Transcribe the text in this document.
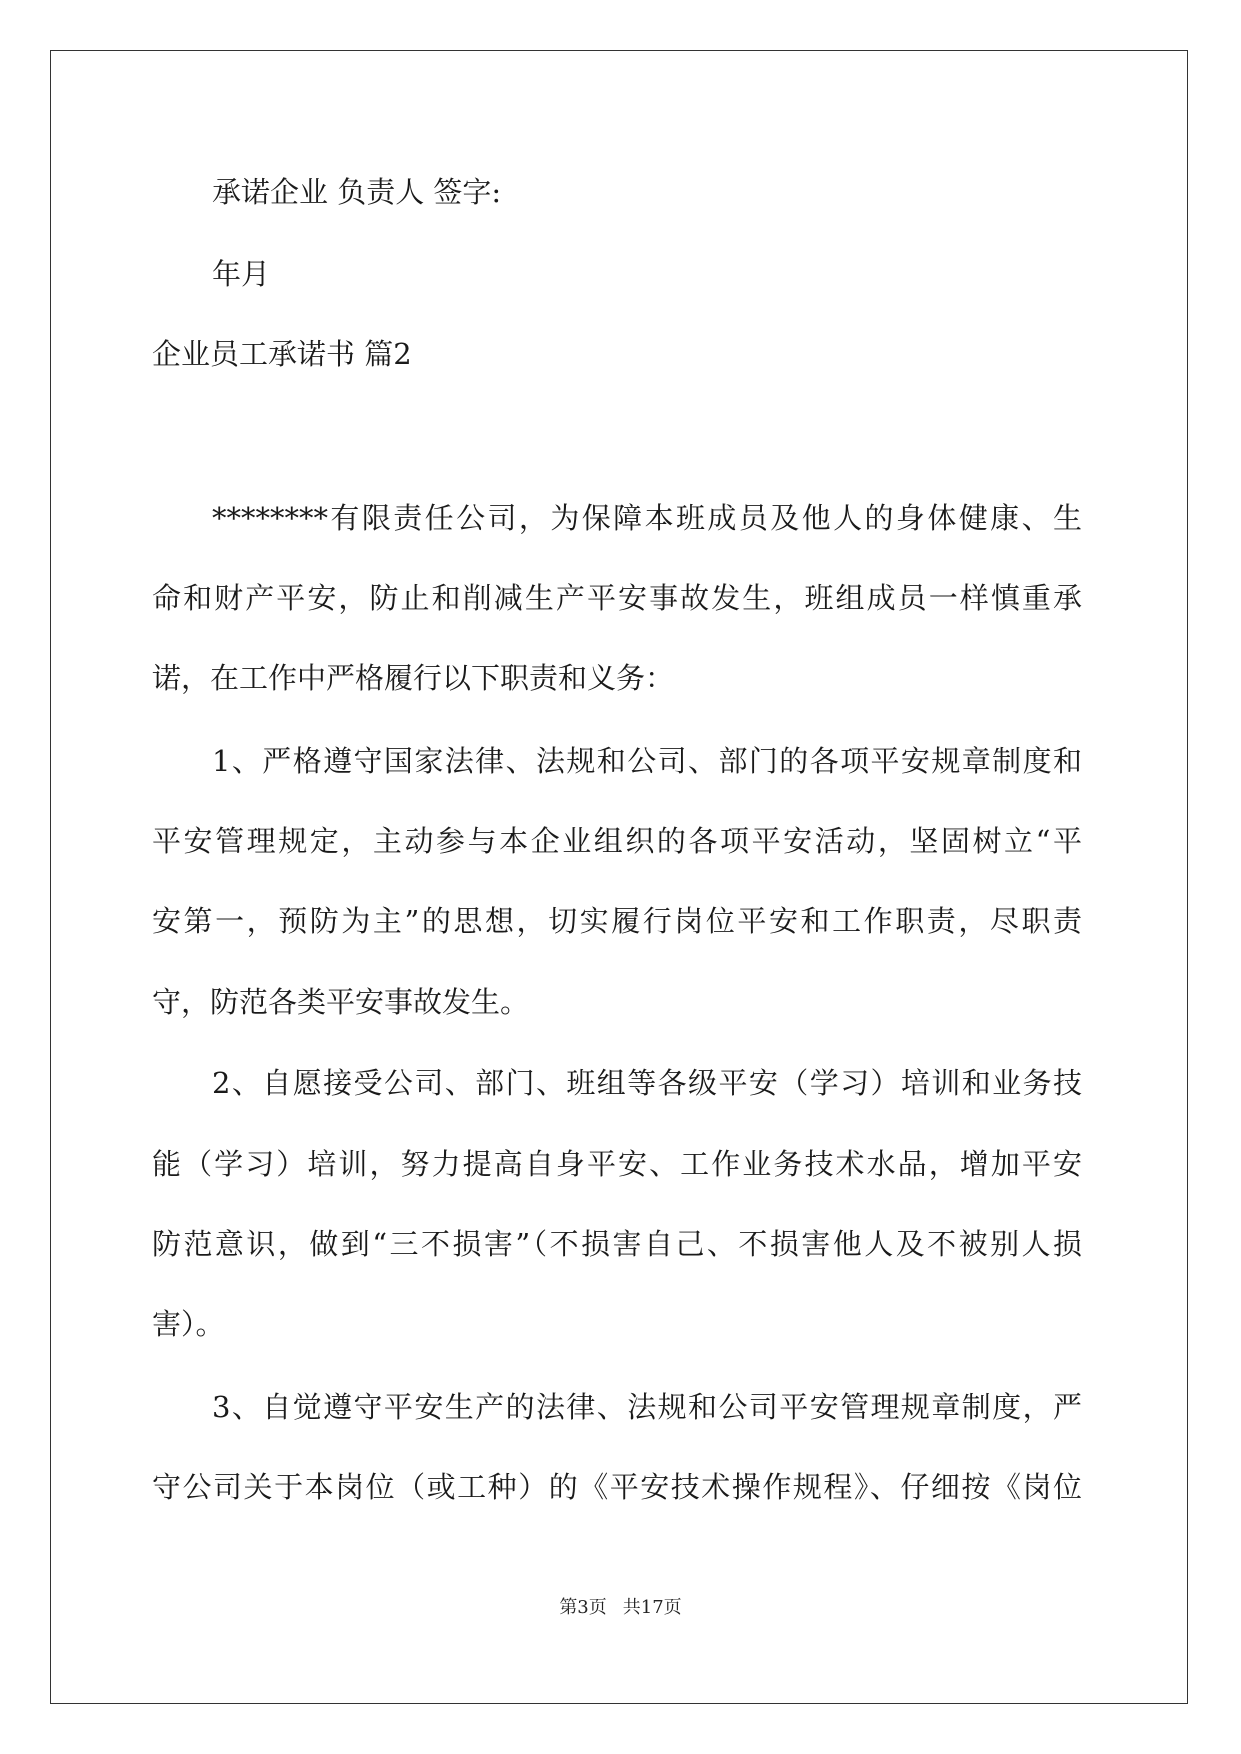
承诺企业 负责人 签字:
年月
企业员工承诺书 篇2
********有限责任公司，为保障本班成员及他人的身体健康、生
命和财产平安，防止和削减生产平安事故发生，班组成员一样慎重承
诺，在工作中严格履行以下职责和义务：
1、严格遵守国家法律、法规和公司、部门的各项平安规章制度和
平安管理规定，主动参与本企业组织的各项平安活动，坚固树立“平
安第一，预防为主”的思想，切实履行岗位平安和工作职责，尽职责
守，防范各类平安事故发生。
2、自愿接受公司、部门、班组等各级平安（学习）培训和业务技
能（学习）培训，努力提高自身平安、工作业务技术水品，增加平安
防范意识，做到“三不损害”（不损害自己、不损害他人及不被别人损
害）。
3、自觉遵守平安生产的法律、法规和公司平安管理规章制度，严
守公司关于本岗位（或工种）的《平安技术操作规程》、仔细按《岗位
第3页 共17页
